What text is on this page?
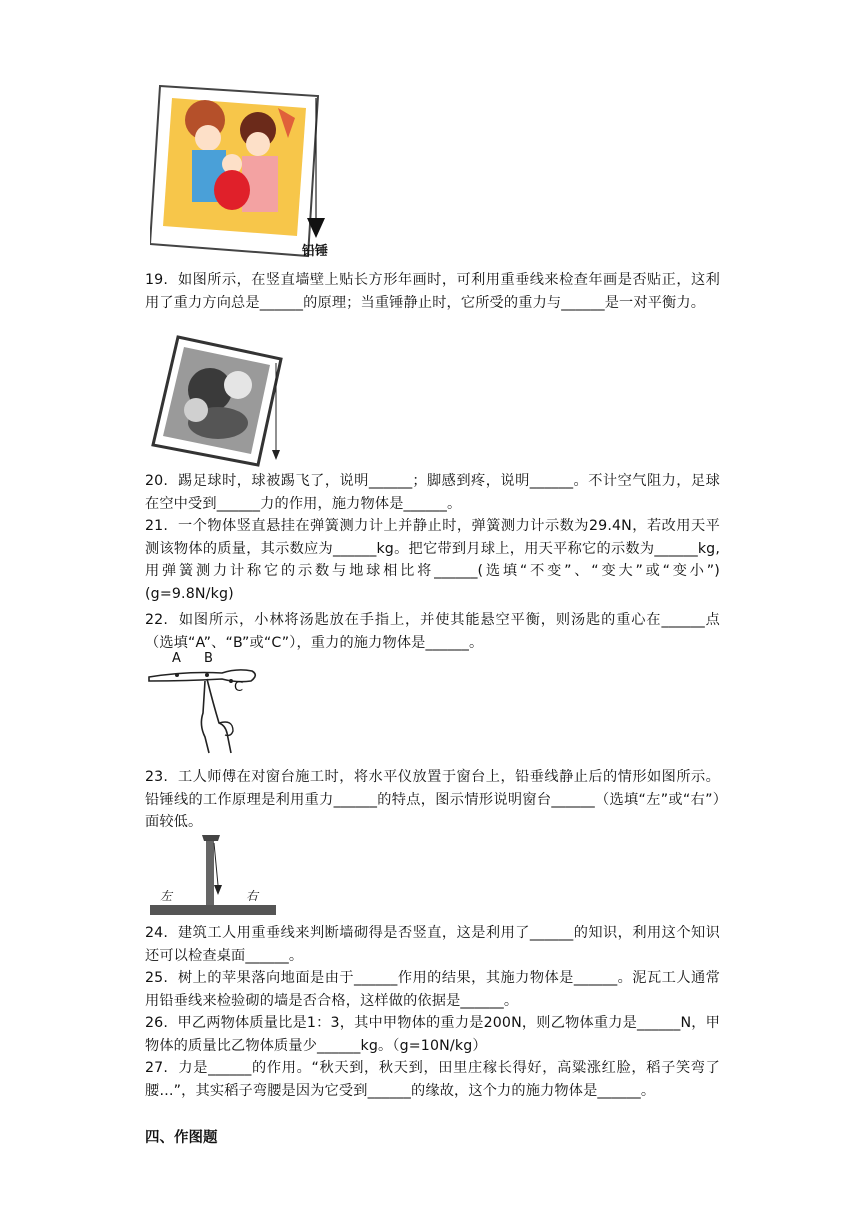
铅锤
19. 如图所示，在竖直墙壁上贴长方形年画时，可利用重垂线来检查年画是否贴正，这利用了重力方向总是______的原理；当重锤静止时，它所受的重力与______是一对平衡力。
20. 踢足球时，球被踢飞了，说明______；脚感到疼，说明______。不计空气阻力，足球在空中受到______力的作用，施力物体是______。
21. 一个物体竖直悬挂在弹簧测力计上并静止时，弹簧测力计示数为29.4N，若改用天平测该物体的质量，其示数应为______kg。把它带到月球上，用天平称它的示数为______kg,用弹簧测力计称它的示数与地球相比将______(选填“不变”、“变大”或“变小”)(g=9.8N/kg)
22. 如图所示，小林将汤匙放在手指上，并使其能悬空平衡，则汤匙的重心在______点（选填“A”、“B”或“C”），重力的施力物体是______。
A B
C
23. 工人师傅在对窗台施工时，将水平仪放置于窗台上，铅垂线静止后的情形如图所示。铅锤线的工作原理是利用重力______的特点，图示情形说明窗台______（选填“左”或“右”）面较低。
左	右
24. 建筑工人用重垂线来判断墙砌得是否竖直，这是利用了______的知识，利用这个知识还可以检查桌面______。
25. 树上的苹果落向地面是由于______作用的结果，其施力物体是______。泥瓦工人通常用铅垂线来检验砌的墙是否合格，这样做的依据是______。
26. 甲乙两物体质量比是1：3，其中甲物体的重力是200N，则乙物体重力是______N，甲物体的质量比乙物体质量少______kg。（g=10N/kg）
27. 力是______的作用。“秋天到，秋天到，田里庄稼长得好，高粱涨红脸，稻子笑弯了腰…”，其实稻子弯腰是因为它受到______的缘故，这个力的施力物体是______。
四、作图题
